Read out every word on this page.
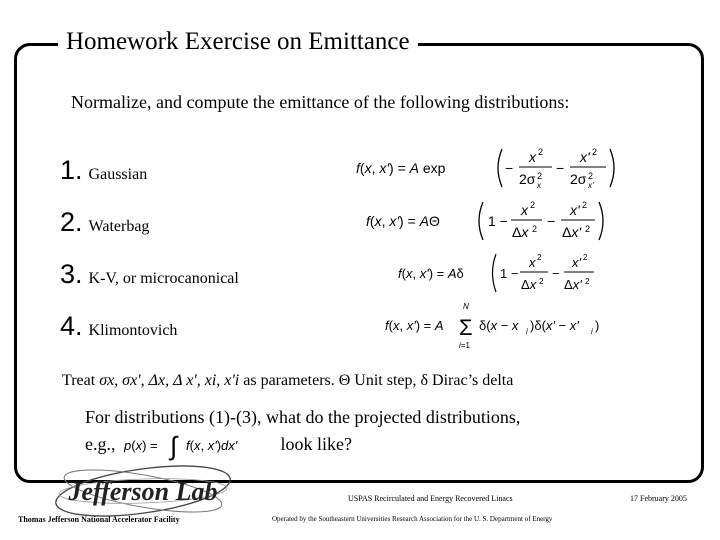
Homework Exercise on Emittance
Normalize, and compute the emittance of the following distributions:
1. Gaussian
2. Waterbag
3. K-V, or microcanonical
4. Klimontovich
f(x, x') = A exp	−
x 2
2σ 2
x
−
x' 2
2σ 2
x'
f(x, x') = AΘ	1 −
x 2
Δx 2 −
x' 2
Δx' 2
f(x, x') = Aδ	1 −
x 2
Δx 2
−
x' 2
Δx' 2
f(x, x') = A
N
Σ
i=1
δ(x − x i )δ(x' − x' i )
Treat σx, σx', Δx, Δ x', xi, x'i as parameters. Θ Unit step, δ Dirac’s delta
For distributions (1)-(3), what do the projected distributions,
e.g., p(x) = ∫ f(x, x')dx' look like?
Jefferson Lab	USPAS Recirculated and Energy Recovered Linacs	17 February 2005
Thomas Jefferson National Accelerator Facility	Operated by the Southeastern Universities Research Association for the U. S. Department of Energy
